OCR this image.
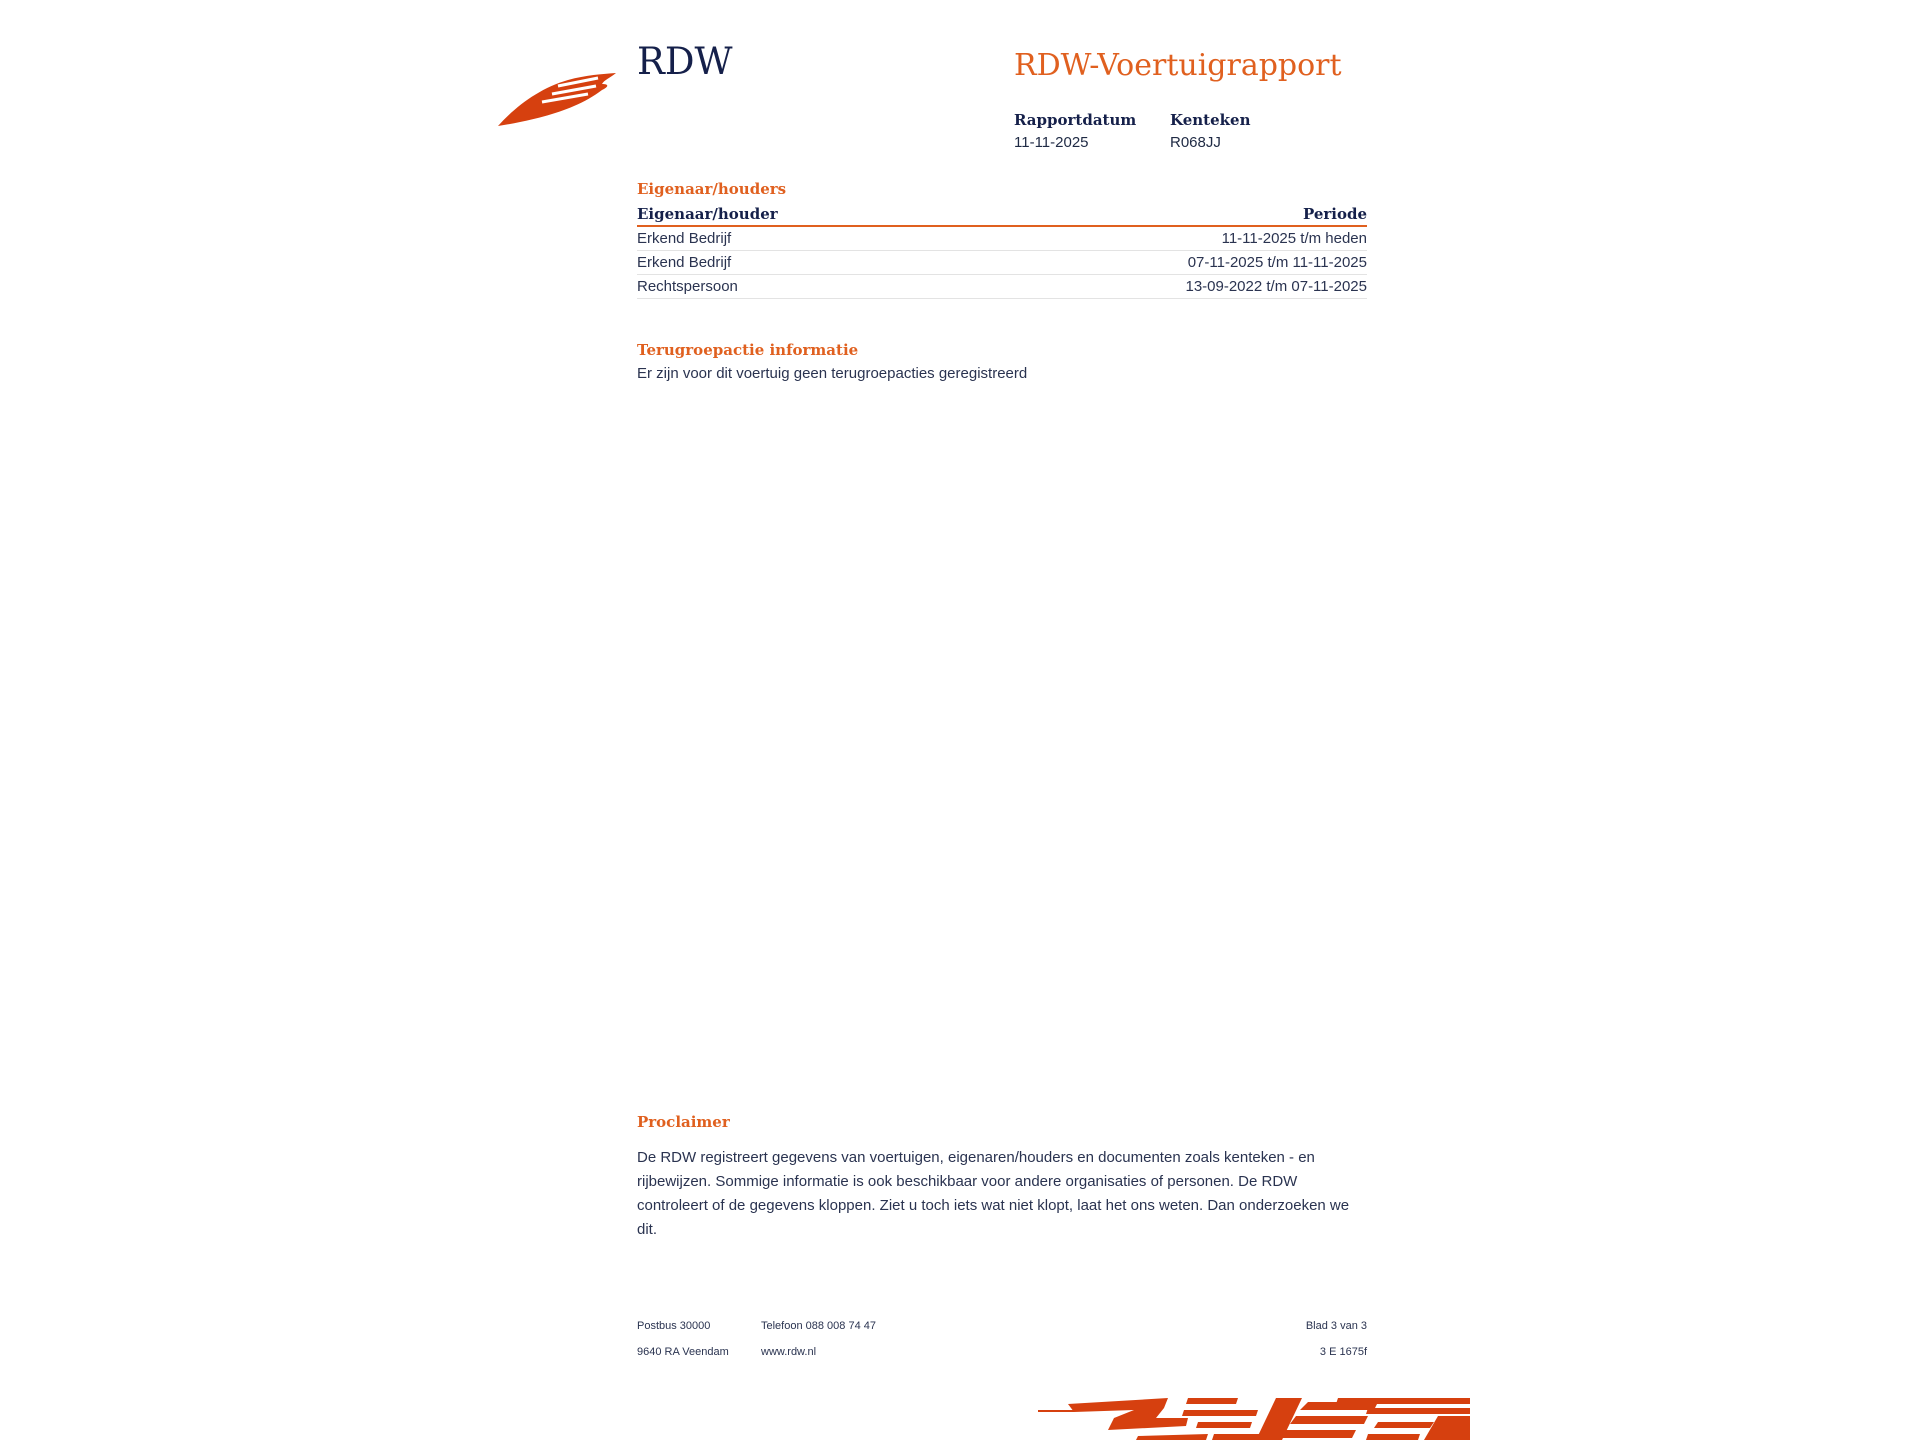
RDW	RDW-Voertuigrapport
Rapportdatum
11-11-2025
Kenteken
R068JJ
Eigenaar/houders
Eigenaar/houder	Periode
Erkend Bedrijf	11-11-2025 t/m heden
Erkend Bedrijf	07-11-2025 t/m 11-11-2025
Rechtspersoon	13-09-2022 t/m 07-11-2025
Terugroepactie informatie
Er zijn voor dit voertuig geen terugroepacties geregistreerd
Proclaimer
De RDW registreert gegevens van voertuigen, eigenaren/houders en documenten zoals kenteken - en rijbewijzen. Sommige informatie is ook beschikbaar voor andere organisaties of personen. De RDW controleert of de gegevens kloppen. Ziet u toch iets wat niet klopt, laat het ons weten. Dan onderzoeken we dit.
Postbus 30000
9640 RA Veendam
Telefoon 088 008 74 47
www.rdw.nl
Blad 3 van 3
3 E 1675f
